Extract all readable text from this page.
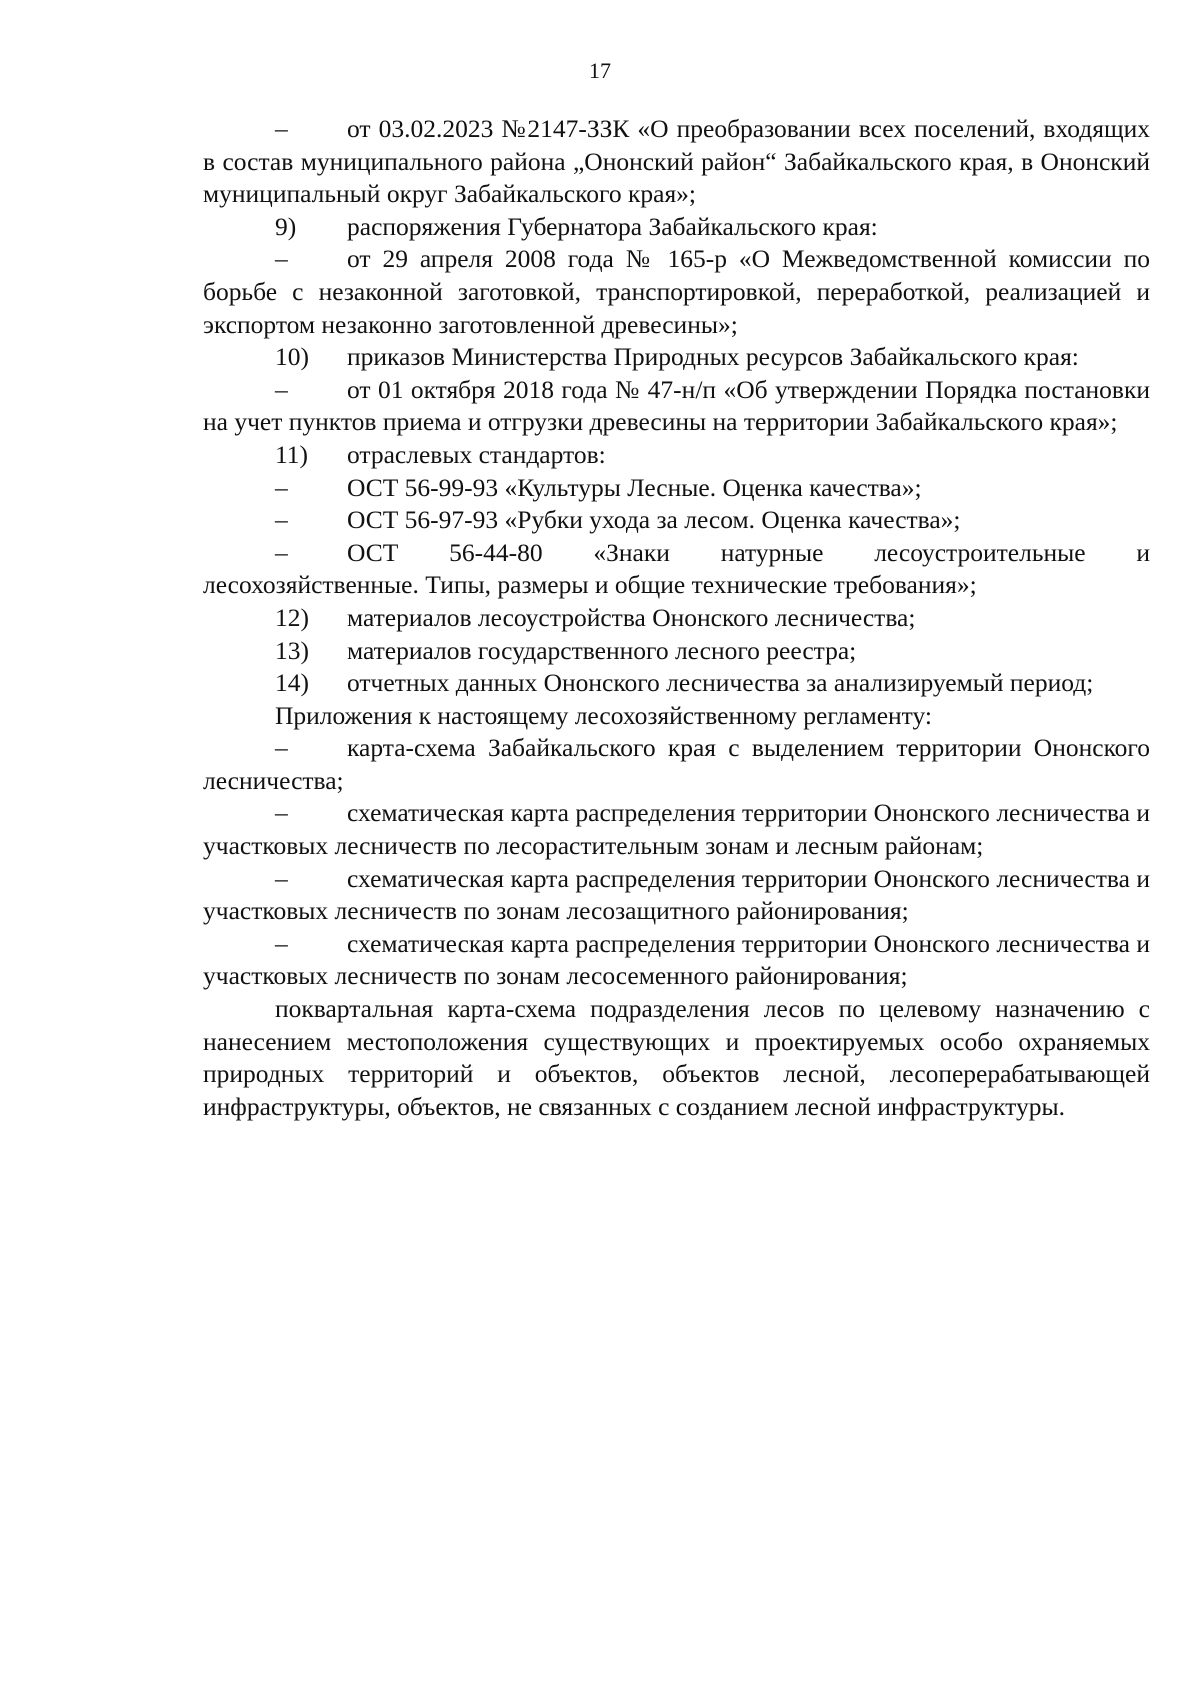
17

– от 03.02.2023 №2147-ЗЗК «О преобразовании всех поселений, входящих в состав муниципального района „Ононский район“ Забайкальского края, в Ононский муниципальный округ Забайкальского края»;

9) распоряжения Губернатора Забайкальского края:

– от 29 апреля 2008 года № 165-р «О Межведомственной комиссии по борьбе с незаконной заготовкой, транспортировкой, переработкой, реализацией и экспортом незаконно заготовленной древесины»;

10) приказов Министерства Природных ресурсов Забайкальского края:

– от 01 октября 2018 года № 47-н/п «Об утверждении Порядка постановки на учет пунктов приема и отгрузки древесины на территории Забайкальского края»;

11) отраслевых стандартов:

– ОСТ 56-99-93 «Культуры Лесные. Оценка качества»;

– ОСТ 56-97-93 «Рубки ухода за лесом. Оценка качества»;

– ОСТ 56-44-80 «Знаки натурные лесоустроительные и лесохозяйственные. Типы, размеры и общие технические требования»;

12) материалов лесоустройства Ононского лесничества;

13) материалов государственного лесного реестра;

14) отчетных данных Ононского лесничества за анализируемый период;

Приложения к настоящему лесохозяйственному регламенту:

– карта-схема Забайкальского края с выделением территории Ононского лесничества;

– схематическая карта распределения территории Ононского лесничества и участковых лесничеств по лесорастительным зонам и лесным районам;

– схематическая карта распределения территории Ононского лесничества и участковых лесничеств по зонам лесозащитного районирования;

– схематическая карта распределения территории Ононского лесничества и участковых лесничеств по зонам лесосеменного районирования;

поквартальная карта-схема подразделения лесов по целевому назначению с нанесением местоположения существующих и проектируемых особо охраняемых природных территорий и объектов, объектов лесной, лесоперерабатывающей инфраструктуры, объектов, не связанных с созданием лесной инфраструктуры.
